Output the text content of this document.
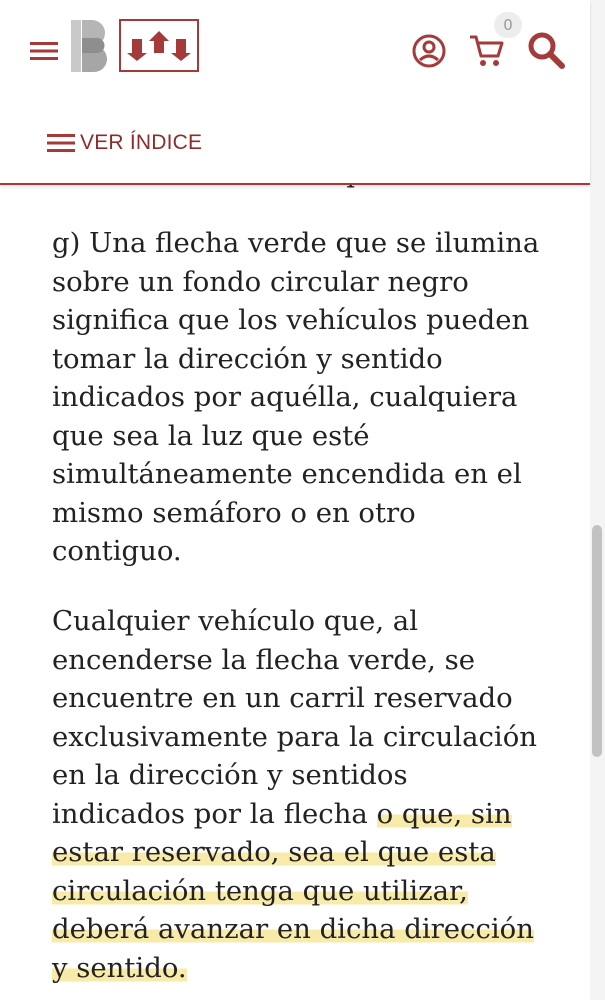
0
VER ÍNDICE

g) Una flecha verde que se ilumina
sobre un fondo circular negro
significa que los vehículos pueden
tomar la dirección y sentido
indicados por aquélla, cualquiera
que sea la luz que esté
simultáneamente encendida en el
mismo semáforo o en otro
contiguo.

Cualquier vehículo que, al
encenderse la flecha verde, se
encuentre en un carril reservado
exclusivamente para la circulación
en la dirección y sentidos
indicados por la flecha o que, sin
estar reservado, sea el que esta
circulación tenga que utilizar,
deberá avanzar en dicha dirección
y sentido.
